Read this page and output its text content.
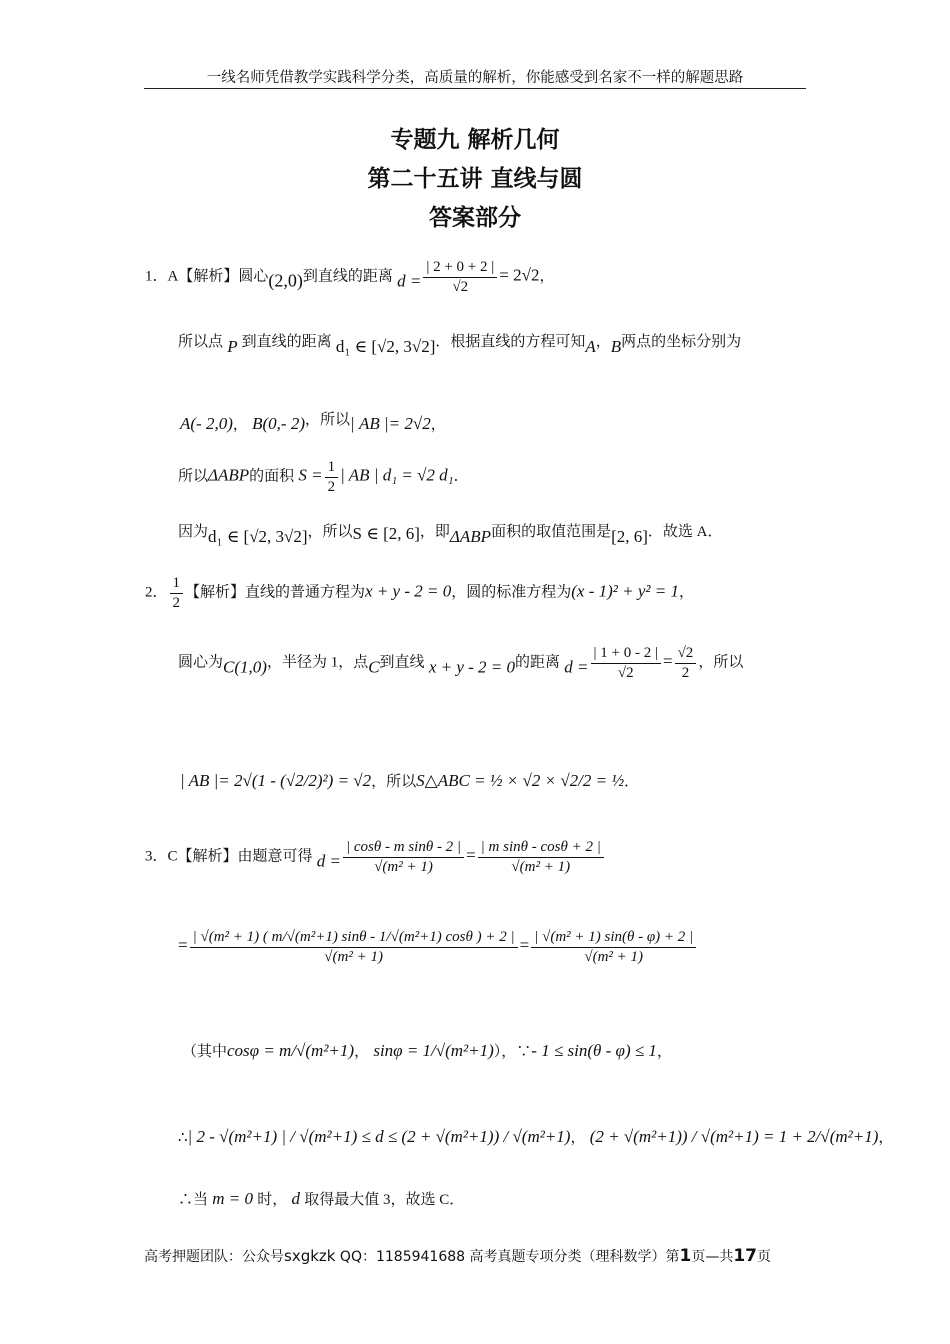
一线名师凭借教学实践科学分类，高质量的解析，你能感受到名家不一样的解题思路
专题九 解析几何
第二十五讲 直线与圆
答案部分
1．A【解析】圆心(2,0)到直线的距离 $d = \frac{| 2 + 0 + 2 |}{√2} = 2√2$，
所以点 P 到直线的距离 d₁ ∈ [√2, 3√2]．根据直线的方程可知A，B两点的坐标分别为
A(- 2,0)， B(0,- 2)，所以| AB |= 2√2，
所以ΔABP的面积 $S = \frac{1}{2}$ | AB | d₁ = √2 d₁．
因为d₁ ∈ [√2, 3√2]，所以S ∈ [2, 6]，即ΔABP面积的取值范围是[2, 6]．故选 A．
2． $\frac{1}{2}$ 【解析】直线的普通方程为x + y - 2 = 0，圆的标准方程为(x - 1)² + y² = 1，
圆心为C(1,0)，半径为 1，点C到直线 x + y - 2 = 0的距离 $d = \frac{| 1 + 0 - 2 |}{√2} = \frac{√2}{2}$ ，所以
| AB |= 2√(1 - (√2/2)²) = √2，所以S△ABC = ½ × √2 × √2/2 = ½．
3．C【解析】由题意可得 $d = \frac{\text{| cosθ - m sinθ - 2 |}}{\text{√(m² + 1)}} = \frac{\text{| m sinθ - cosθ + 2 |}}{\text{√(m² + 1)}}$
= $\frac{\text{| √(m² + 1) ( m/√(m²+1) sinθ - 1/√(m²+1) cosθ ) + 2 |}}{\text{√(m² + 1)}} = \frac{\text{| √(m² + 1) sin(θ - φ) + 2 |}}{\text{√(m² + 1)}}$
（其中cosφ = m/√(m²+1)， sinφ = 1/√(m²+1)），∵- 1 ≤ sin(θ - φ) ≤ 1，
∴| 2 - √(m²+1) | / √(m²+1) ≤ d ≤ (2 + √(m²+1)) / √(m²+1)， (2 + √(m²+1)) / √(m²+1) = 1 + 2/√(m²+1)，
∴当 m = 0 时， d 取得最大值 3，故选 C．
高考押题团队：公众号sxgkzk QQ：1185941688 高考真题专项分类（理科数学）第1页—共17页
